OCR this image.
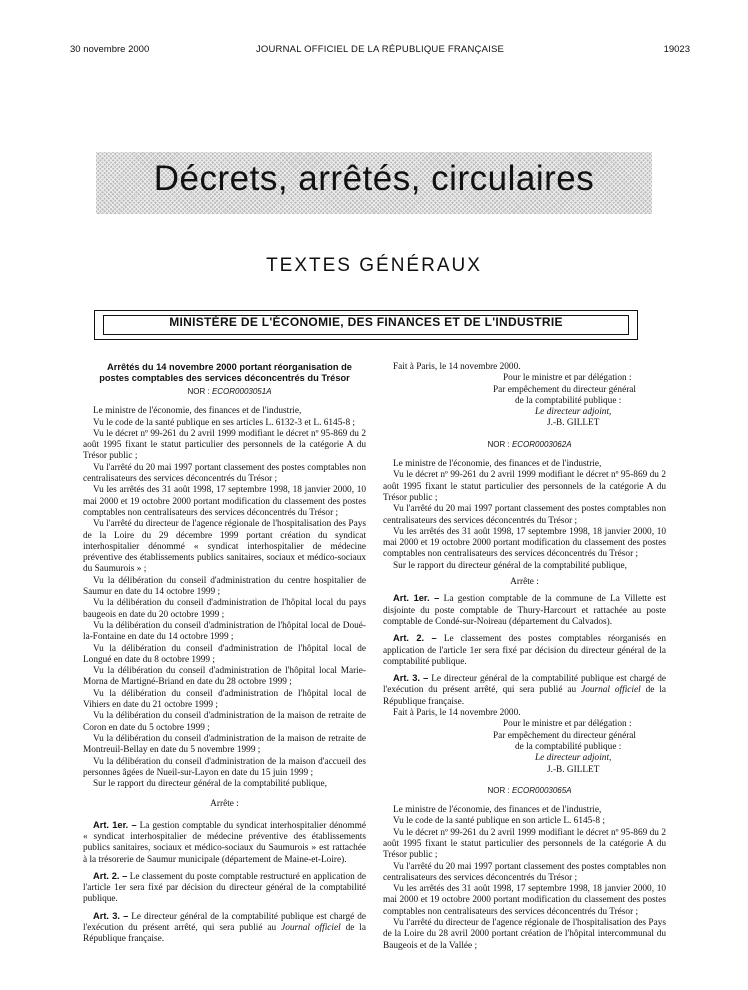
30 novembre 2000	JOURNAL OFFICIEL DE LA RÉPUBLIQUE FRANÇAISE	19023
Décrets, arrêtés, circulaires
TEXTES GÉNÉRAUX
MINISTÈRE DE L'ÉCONOMIE, DES FINANCES ET DE L'INDUSTRIE

Arrêtés du 14 novembre 2000 portant réorganisation de postes comptables des services déconcentrés du Trésor

NOR : ECOR0003051A

Le ministre de l'économie, des finances et de l'industrie,

Vu le code de la santé publique en ses articles L. 6132-3 et L. 6145-8 ;

Vu le décret nº 99-261 du 2 avril 1999 modifiant le décret nº 95-869 du 2 août 1995 fixant le statut particulier des personnels de la catégorie A du Trésor public ;

Vu l'arrêté du 20 mai 1997 portant classement des postes comptables non centralisateurs des services déconcentrés du Trésor ;

Vu les arrêtés des 31 août 1998, 17 septembre 1998, 18 janvier 2000, 10 mai 2000 et 19 octobre 2000 portant modification du classement des postes comptables non centralisateurs des services déconcentrés du Trésor ;

Vu l'arrêté du directeur de l'agence régionale de l'hospitalisation des Pays de la Loire du 29 décembre 1999 portant création du syndicat interhospitalier dénommé « syndicat interhospitalier de médecine préventive des établissements publics sanitaires, sociaux et médico-sociaux du Saumurois » ;

Vu la délibération du conseil d'administration du centre hospitalier de Saumur en date du 14 octobre 1999 ;

Vu la délibération du conseil d'administration de l'hôpital local du pays baugeois en date du 20 octobre 1999 ;

Vu la délibération du conseil d'administration de l'hôpital local de Doué-la-Fontaine en date du 14 octobre 1999 ;

Vu la délibération du conseil d'administration de l'hôpital local de Longué en date du 8 octobre 1999 ;

Vu la délibération du conseil d'administration de l'hôpital local Marie-Morna de Martigné-Briand en date du 28 octobre 1999 ;

Vu la délibération du conseil d'administration de l'hôpital local de Vihiers en date du 21 octobre 1999 ;

Vu la délibération du conseil d'administration de la maison de retraite de Coron en date du 5 octobre 1999 ;

Vu la délibération du conseil d'administration de la maison de retraite de Montreuil-Bellay en date du 5 novembre 1999 ;

Vu la délibération du conseil d'administration de la maison d'accueil des personnes âgées de Nueil-sur-Layon en date du 15 juin 1999 ;

Sur le rapport du directeur général de la comptabilité publique,

Arrête :

Art. 1er. – La gestion comptable du syndicat interhospitalier dénommé « syndicat interhospitalier de médecine préventive des établissements publics sanitaires, sociaux et médico-sociaux du Saumurois » est rattachée à la trésorerie de Saumur municipale (département de Maine-et-Loire).

Art. 2. – Le classement du poste comptable restructuré en application de l'article 1er sera fixé par décision du directeur général de la comptabilité publique.

Art. 3. – Le directeur général de la comptabilité publique est chargé de l'exécution du présent arrêté, qui sera publié au Journal officiel de la République française.

Fait à Paris, le 14 novembre 2000.

Pour le ministre et par délégation :

Par empêchement du directeur général

de la comptabilité publique :

Le directeur adjoint,

J.-B. GILLET

NOR : ECOR0003062A

Le ministre de l'économie, des finances et de l'industrie,

Vu le décret nº 99-261 du 2 avril 1999 modifiant le décret nº 95-869 du 2 août 1995 fixant le statut particulier des personnels de la catégorie A du Trésor public ;

Vu l'arrêté du 20 mai 1997 portant classement des postes comptables non centralisateurs des services déconcentrés du Trésor ;

Vu les arrêtés des 31 août 1998, 17 septembre 1998, 18 janvier 2000, 10 mai 2000 et 19 octobre 2000 portant modification du classement des postes comptables non centralisateurs des services déconcentrés du Trésor ;

Sur le rapport du directeur général de la comptabilité publique,

Arrête :

Art. 1er. – La gestion comptable de la commune de La Villette est disjointe du poste comptable de Thury-Harcourt et rattachée au poste comptable de Condé-sur-Noireau (département du Calvados).

Art. 2. – Le classement des postes comptables réorganisés en application de l'article 1er sera fixé par décision du directeur général de la comptabilité publique.

Art. 3. – Le directeur général de la comptabilité publique est chargé de l'exécution du présent arrêté, qui sera publié au Journal officiel de la République française.

Fait à Paris, le 14 novembre 2000.

Pour le ministre et par délégation :

Par empêchement du directeur général

de la comptabilité publique :

Le directeur adjoint,

J.-B. GILLET

NOR : ECOR0003065A

Le ministre de l'économie, des finances et de l'industrie,

Vu le code de la santé publique en son article L. 6145-8 ;

Vu le décret nº 99-261 du 2 avril 1999 modifiant le décret nº 95-869 du 2 août 1995 fixant le statut particulier des personnels de la catégorie A du Trésor public ;

Vu l'arrêté du 20 mai 1997 portant classement des postes comptables non centralisateurs des services déconcentrés du Trésor ;

Vu les arrêtés des 31 août 1998, 17 septembre 1998, 18 janvier 2000, 10 mai 2000 et 19 octobre 2000 portant modification du classement des postes comptables non centralisateurs des services déconcentrés du Trésor ;

Vu l'arrêté du directeur de l'agence régionale de l'hospitalisation des Pays de la Loire du 28 avril 2000 portant création de l'hôpital intercommunal du Baugeois et de la Vallée ;
